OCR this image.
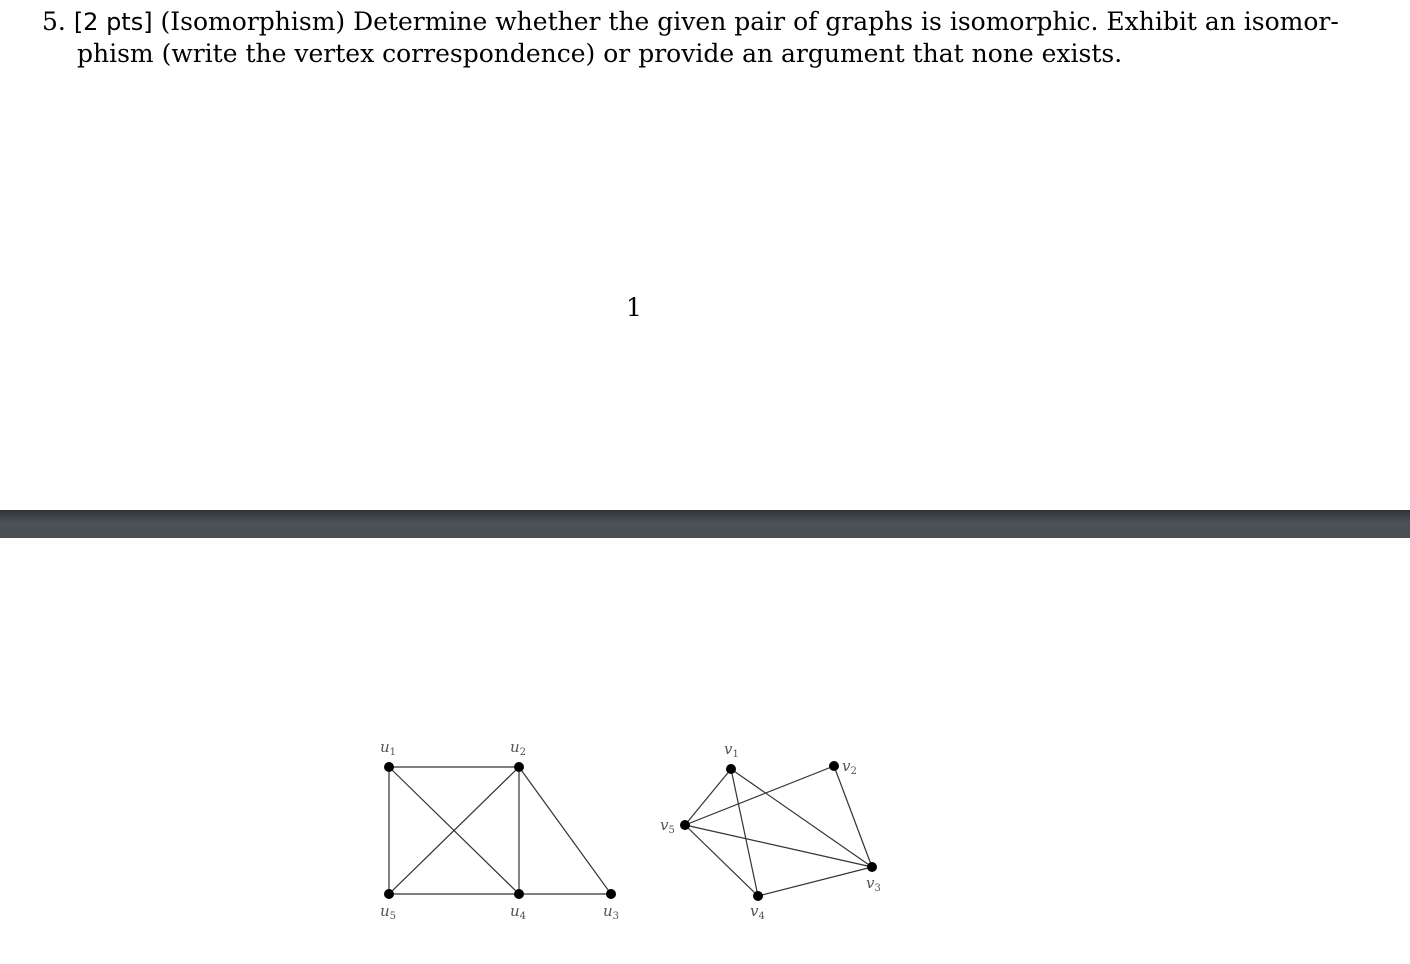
5. [2 pts] (Isomorphism) Determine whether the given pair of graphs is isomorphic. Exhibit an isomor-
phism (write the vertex correspondence) or provide an argument that none exists.
1
$u_1$	$u_2$
$u_3$
$u_4$
$u_5$
$v_1$
$v_2$
$v_3$
$v_4$
$v_5$
